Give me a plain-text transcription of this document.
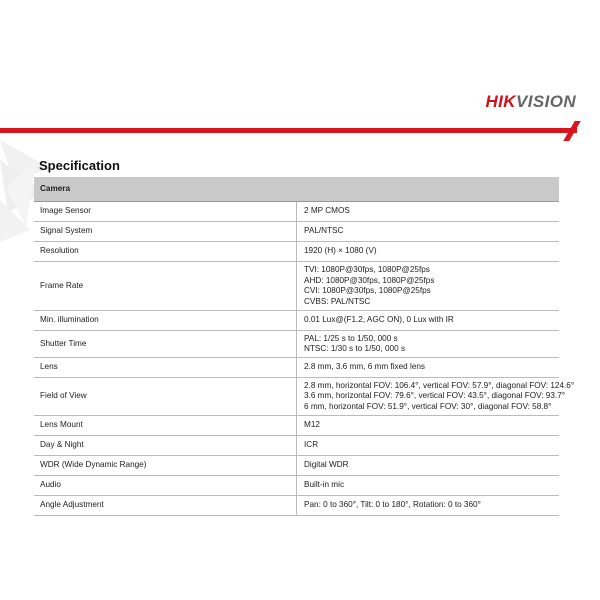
HIKVISION
Specification
Camera	
Image Sensor	2 MP CMOS

Signal System	PAL/NTSC

Resolution	1920 (H) × 1080 (V)

Frame Rate	TVI: 1080P@30fps, 1080P@25fps
AHD: 1080P@30fps, 1080P@25fps
CVI: 1080P@30fps, 1080P@25fps
CVBS: PAL/NTSC

Min. illumination	0.01 Lux@(F1.2, AGC ON), 0 Lux with IR

Shutter Time	PAL: 1/25 s to 1/50, 000 s
NTSC: 1/30 s to 1/50, 000 s

Lens	2.8 mm, 3.6 mm, 6 mm fixed lens

Field of View	2.8 mm, horizontal FOV: 106.4°, vertical FOV: 57.9°, diagonal FOV: 124.6°
3.6 mm, horizontal FOV: 79.6°, vertical FOV: 43.5°, diagonal FOV: 93.7°
6 mm, horizontal FOV: 51.9°, vertical FOV: 30°, diagonal FOV: 58.8°

Lens Mount	M12

Day & Night	ICR

WDR (Wide Dynamic Range)	Digital WDR

Audio	Built-in mic

Angle Adjustment	Pan: 0 to 360°, Tilt: 0 to 180°, Rotation: 0 to 360°
